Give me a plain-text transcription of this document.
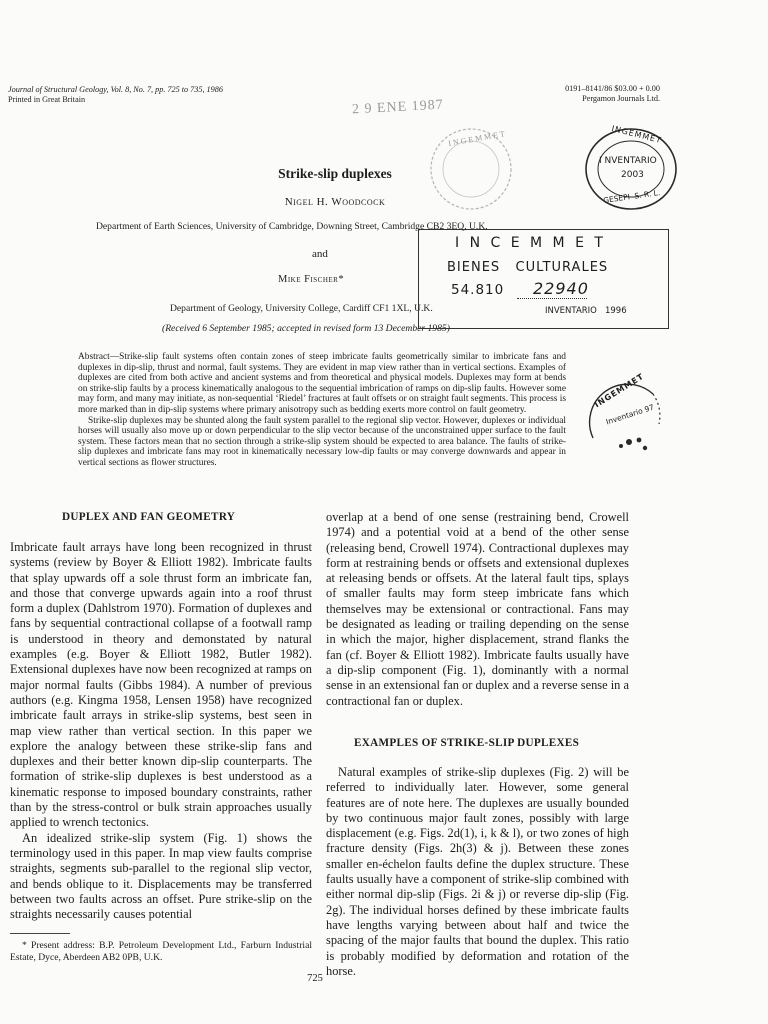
Journal of Structural Geology, Vol. 8, No. 7, pp. 725 to 735, 1986
Printed in Great Britain
0191–8141/86 $03.00 + 0.00
Pergamon Journals Ltd.
2 9 ENE 1987
INGEMMET
Strike-slip duplexes
Nigel H. Woodcock
Department of Earth Sciences, University of Cambridge, Downing Street, Cambridge CB2 3EQ, U.K.
and
Mike Fischer*
Department of Geology, University College, Cardiff CF1 1XL, U.K.
(Received 6 September 1985; accepted in revised form 13 December 1985)
I N C E M M E T
BIENES   CULTURALES
54.810 22940
INVENTARIO   1996
INGEMMET
I NVENTARIO
2003
GESEPI  S. R. L.
INGEMMET
Inventario 97

Abstract—Strike-slip fault systems often contain zones of steep imbricate faults geometrically similar to imbricate fans and duplexes in dip-slip, thrust and normal, fault systems. They are evident in map view rather than in vertical sections. Examples of duplexes are cited from both active and ancient systems and from theoretical and physical models. Duplexes may form at bends on strike-slip faults by a process kinematically analogous to the sequential imbrication of ramps on dip-slip faults. However some may form, and many may initiate, as non-sequential ‘Riedel’ fractures at fault offsets or on straight fault segments. This process is more marked than in dip-slip systems where primary anisotropy such as bedding exerts more control on fault geometry.

Strike-slip duplexes may be shunted along the fault system parallel to the regional slip vector. However, duplexes or individual horses will usually also move up or down perpendicular to the slip vector because of the unconstrained upper surface to the fault system. These factors mean that no section through a strike-slip system should be expected to area balance. The faults of strike-slip duplexes and imbricate fans may root in kinematically necessary low-dip faults or may converge downwards and appear in vertical sections as flower structures.

DUPLEX AND FAN GEOMETRY

Imbricate fault arrays have long been recognized in thrust systems (review by Boyer & Elliott 1982). Imbricate faults that splay upwards off a sole thrust form an imbricate fan, and those that converge upwards again into a roof thrust form a duplex (Dahlstrom 1970). Formation of duplexes and fans by sequential contractional collapse of a footwall ramp is understood in theory and demonstated by natural examples (e.g. Boyer & Elliott 1982, Butler 1982). Extensional duplexes have now been recognized at ramps on major normal faults (Gibbs 1984). A number of previous authors (e.g. Kingma 1958, Lensen 1958) have recognized imbricate fault arrays in strike-slip systems, best seen in map view rather than vertical section. In this paper we explore the analogy between these strike-slip fans and duplexes and their better known dip-slip counterparts. The formation of strike-slip duplexes is best understood as a kinematic response to imposed boundary constraints, rather than by the stress-control or bulk strain approaches usually applied to wrench tectonics.

An idealized strike-slip system (Fig. 1) shows the terminology used in this paper. In map view faults comprise straights, segments sub-parallel to the regional slip vector, and bends oblique to it. Displacements may be transferred between two faults across an offset. Pure strike-slip on the straights necessarily causes potential

* Present address: B.P. Petroleum Development Ltd., Farburn Industrial Estate, Dyce, Aberdeen AB2 0PB, U.K.

overlap at a bend of one sense (restraining bend, Crowell 1974) and a potential void at a bend of the other sense (releasing bend, Crowell 1974). Contractional duplexes may form at restraining bends or offsets and extensional duplexes at releasing bends or offsets. At the lateral fault tips, splays of smaller faults may form steep imbricate fans which themselves may be extensional or contractional. Fans may be designated as leading or trailing depending on the sense in which the major, higher displacement, strand flanks the fan (cf. Boyer & Elliott 1982). Imbricate faults usually have a dip-slip component (Fig. 1), dominantly with a normal sense in an extensional fan or duplex and a reverse sense in a contractional fan or duplex.

EXAMPLES OF STRIKE-SLIP DUPLEXES

Natural examples of strike-slip duplexes (Fig. 2) will be referred to individually later. However, some general features are of note here. The duplexes are usually bounded by two continuous major fault zones, possibly with large displacement (e.g. Figs. 2d(1), i, k & l), or two zones of high fracture density (Figs. 2h(3) & j). Between these zones smaller en-échelon faults define the duplex structure. These faults usually have a component of strike-slip combined with either normal dip-slip (Figs. 2i & j) or reverse dip-slip (Fig. 2g). The individual horses defined by these imbricate faults have lengths varying between about half and twice the spacing of the major faults that bound the duplex. This ratio is probably modified by deformation and rotation of the horse.

725
